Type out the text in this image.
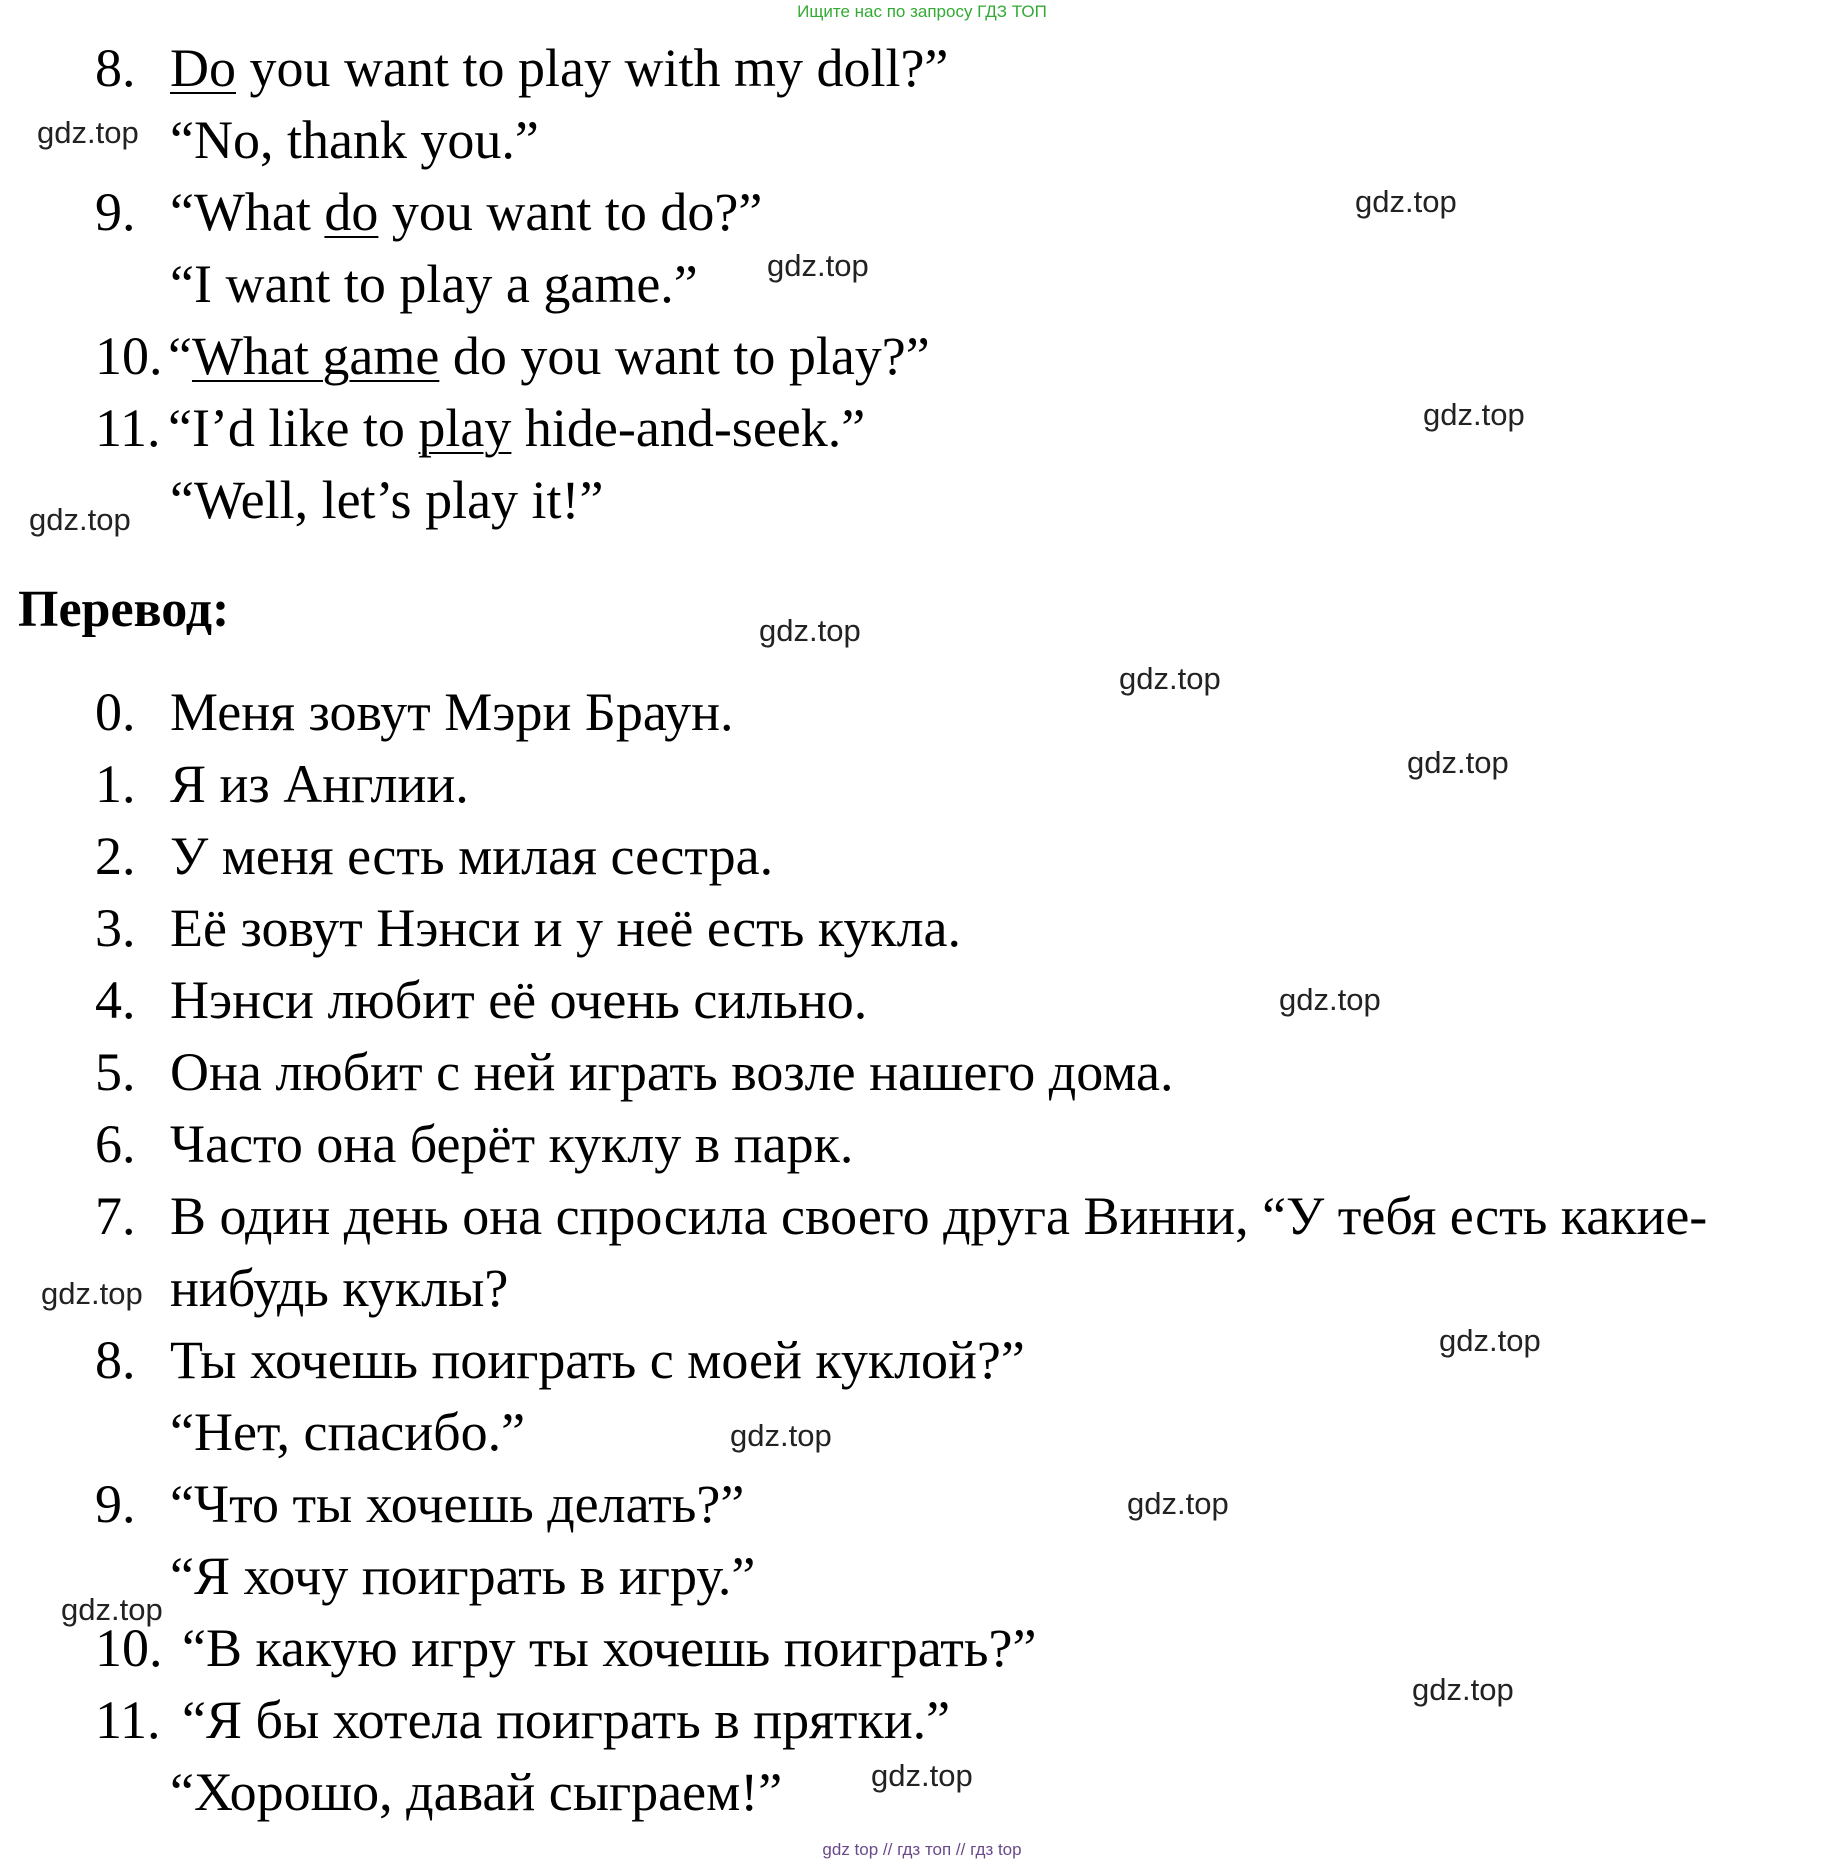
Ищите нас по запросу ГДЗ ТОП
8. Do you want to play with my doll?”
“No, thank you.”
9. “What do you want to do?”
“I want to play a game.”
10. “What game do you want to play?”
11. “I’d like to play hide-and-seek.”
“Well, let’s play it!”
Перевод:
0. Меня зовут Мэри Браун.
1. Я из Англии.
2. У меня есть милая сестра.
3. Её зовут Нэнси и у неё есть кукла.
4. Нэнси любит её очень сильно.
5. Она любит с ней играть возле нашего дома.
6. Часто она берёт куклу в парк.
7. В один день она спросила своего друга Винни, “У тебя есть какие-
нибудь куклы?
8. Ты хочешь поиграть с моей куклой?”
“Нет, спасибо.”
9. “Что ты хочешь делать?”
“Я хочу поиграть в игру.”
10. “В какую игру ты хочешь поиграть?”
11. “Я бы хотела поиграть в прятки.”
“Хорошо, давай сыграем!”
gdz.top
gdz.top
gdz.top
gdz.top
gdz.top
gdz.top
gdz.top
gdz.top
gdz.top
gdz.top
gdz.top
gdz.top
gdz.top
gdz.top
gdz.top
gdz.top
gdz top // гдз топ // гдз top
